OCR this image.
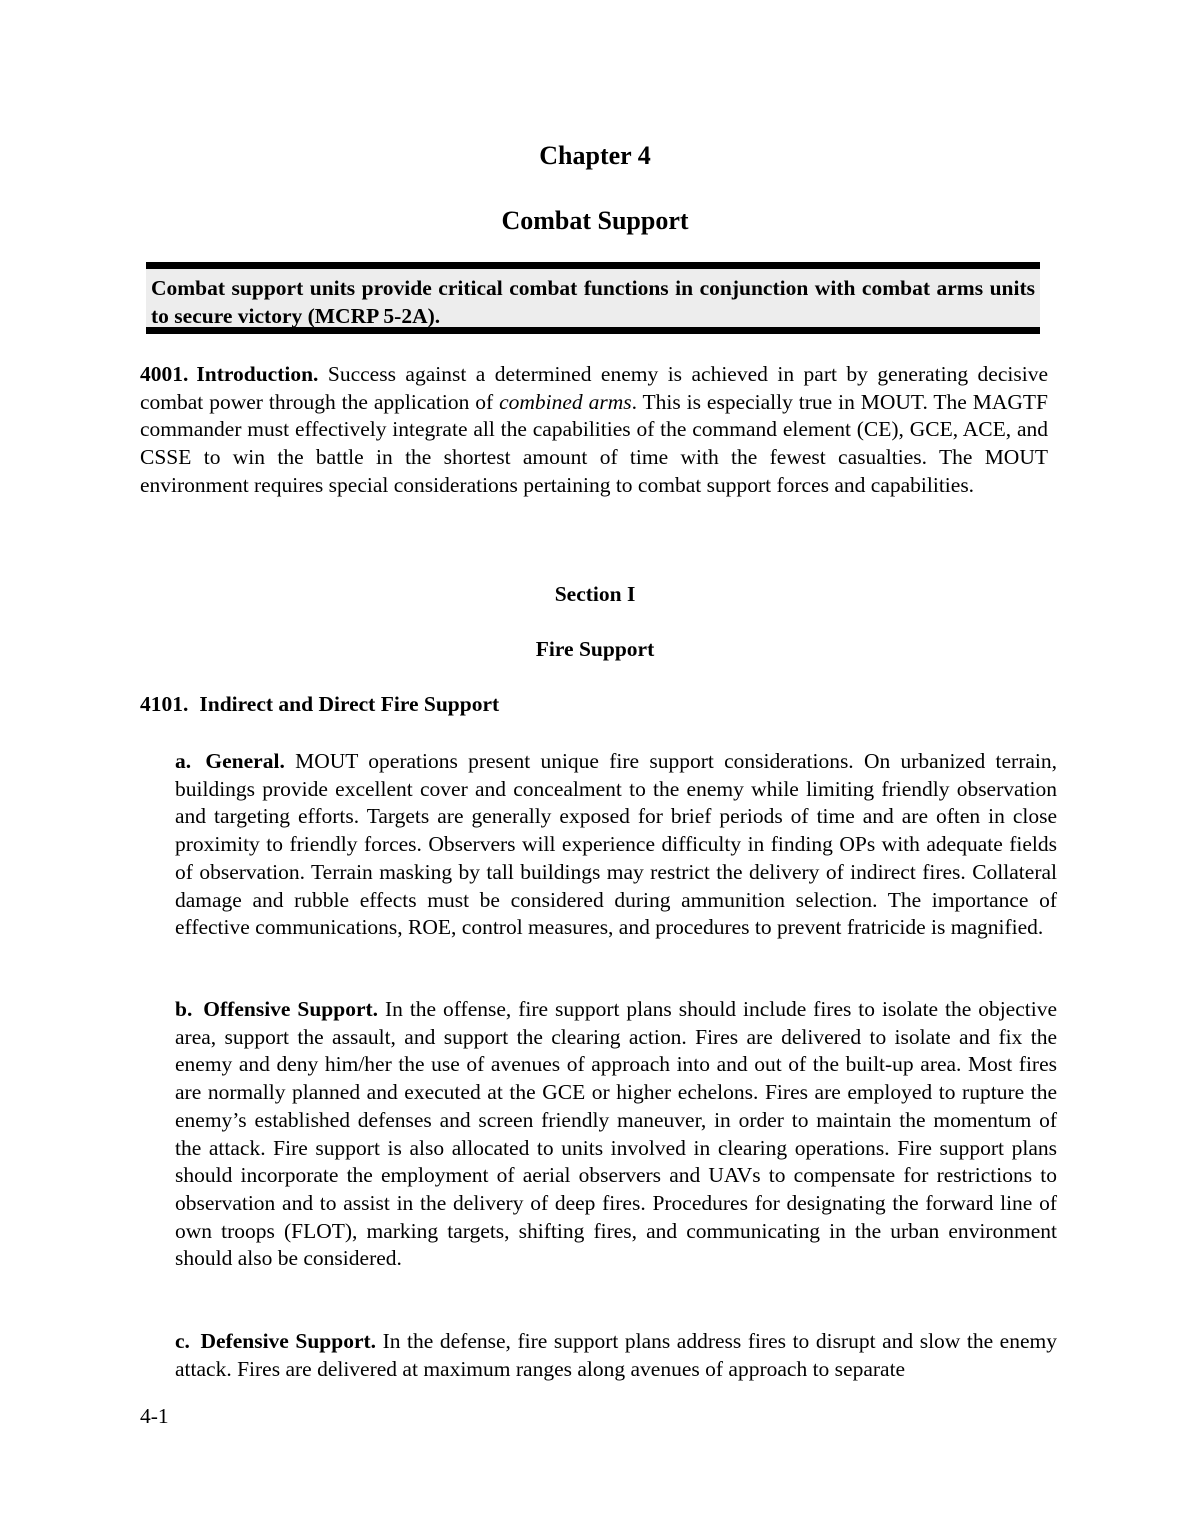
Chapter 4
Combat Support
Combat support units provide critical combat functions in conjunction with combat arms units to secure victory (MCRP 5-2A).

4001. Introduction. Success against a determined enemy is achieved in part by generating decisive combat power through the application of combined arms. This is especially true in MOUT. The MAGTF commander must effectively integrate all the capabilities of the command element (CE), GCE, ACE, and CSSE to win the battle in the shortest amount of time with the fewest casualties. The MOUT environment requires special considerations pertaining to combat support forces and capabilities.

Section I
Fire Support
4101. Indirect and Direct Fire Support

a. General. MOUT operations present unique fire support considerations. On urbanized terrain, buildings provide excellent cover and concealment to the enemy while limiting friendly observation and targeting efforts. Targets are generally exposed for brief periods of time and are often in close proximity to friendly forces. Observers will experience difficulty in finding OPs with adequate fields of observation. Terrain masking by tall buildings may restrict the delivery of indirect fires. Collateral damage and rubble effects must be considered during ammunition selection. The importance of effective communications, ROE, control measures, and procedures to prevent fratricide is magnified.

b. Offensive Support. In the offense, fire support plans should include fires to isolate the objective area, support the assault, and support the clearing action. Fires are delivered to isolate and fix the enemy and deny him/her the use of avenues of approach into and out of the built-up area. Most fires are normally planned and executed at the GCE or higher echelons. Fires are employed to rupture the enemy’s established defenses and screen friendly maneuver, in order to maintain the momentum of the attack. Fire support is also allocated to units involved in clearing operations. Fire support plans should incorporate the employment of aerial observers and UAVs to compensate for restrictions to observation and to assist in the delivery of deep fires. Procedures for designating the forward line of own troops (FLOT), marking targets, shifting fires, and communicating in the urban environment should also be considered.

c. Defensive Support. In the defense, fire support plans address fires to disrupt and slow the enemy attack. Fires are delivered at maximum ranges along avenues of approach to separate

4-1
